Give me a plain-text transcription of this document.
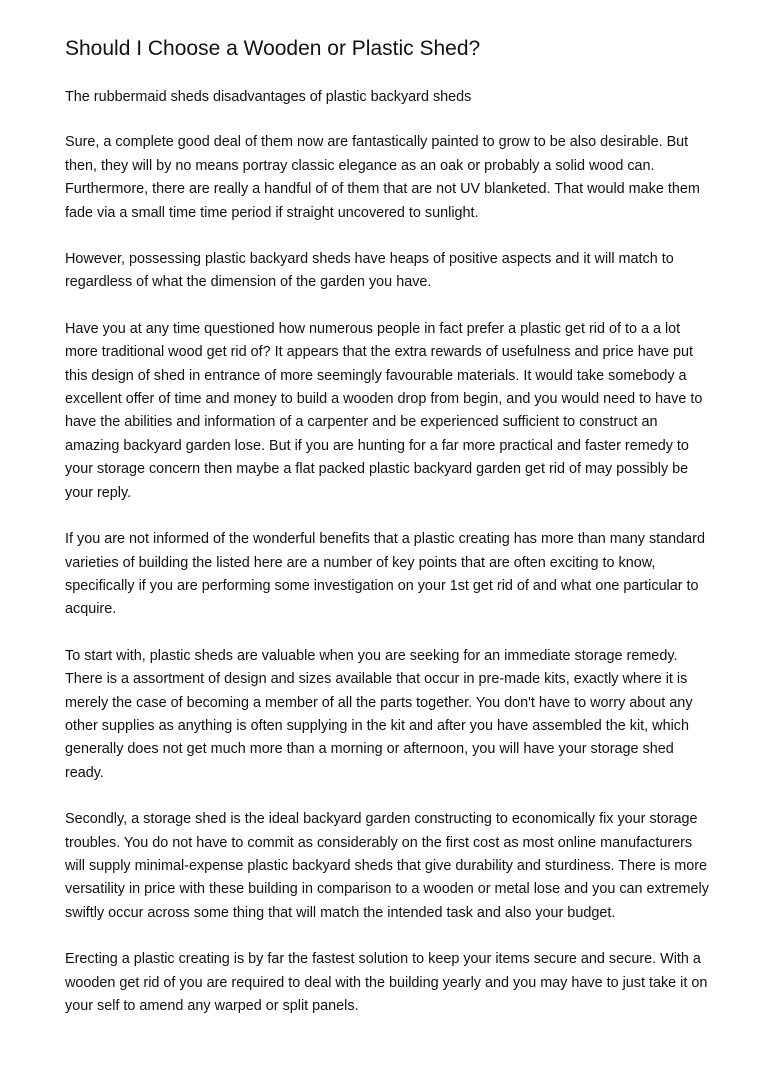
Should I Choose a Wooden or Plastic Shed?

The rubbermaid sheds disadvantages of plastic backyard sheds

Sure, a complete good deal of them now are fantastically painted to grow to be also desirable. But then, they will by no means portray classic elegance as an oak or probably a solid wood can. Furthermore, there are really a handful of of them that are not UV blanketed. That would make them fade via a small time time period if straight uncovered to sunlight.

However, possessing plastic backyard sheds have heaps of positive aspects and it will match to regardless of what the dimension of the garden you have.

Have you at any time questioned how numerous people in fact prefer a plastic get rid of to a a lot more traditional wood get rid of? It appears that the extra rewards of usefulness and price have put this design of shed in entrance of more seemingly favourable materials. It would take somebody a excellent offer of time and money to build a wooden drop from begin, and you would need to have to have the abilities and information of a carpenter and be experienced sufficient to construct an amazing backyard garden lose. But if you are hunting for a far more practical and faster remedy to your storage concern then maybe a flat packed plastic backyard garden get rid of may possibly be your reply.

If you are not informed of the wonderful benefits that a plastic creating has more than many standard varieties of building the listed here are a number of key points that are often exciting to know, specifically if you are performing some investigation on your 1st get rid of and what one particular to acquire.

To start with, plastic sheds are valuable when you are seeking for an immediate storage remedy. There is a assortment of design and sizes available that occur in pre-made kits, exactly where it is merely the case of becoming a member of all the parts together. You don't have to worry about any other supplies as anything is often supplying in the kit and after you have assembled the kit, which generally does not get much more than a morning or afternoon, you will have your storage shed ready.

Secondly, a storage shed is the ideal backyard garden constructing to economically fix your storage troubles. You do not have to commit as considerably on the first cost as most online manufacturers will supply minimal-expense plastic backyard sheds that give durability and sturdiness. There is more versatility in price with these building in comparison to a wooden or metal lose and you can extremely swiftly occur across some thing that will match the intended task and also your budget.

Erecting a plastic creating is by far the fastest solution to keep your items secure and secure. With a wooden get rid of you are required to deal with the building yearly and you may have to just take it on your self to amend any warped or split panels.
